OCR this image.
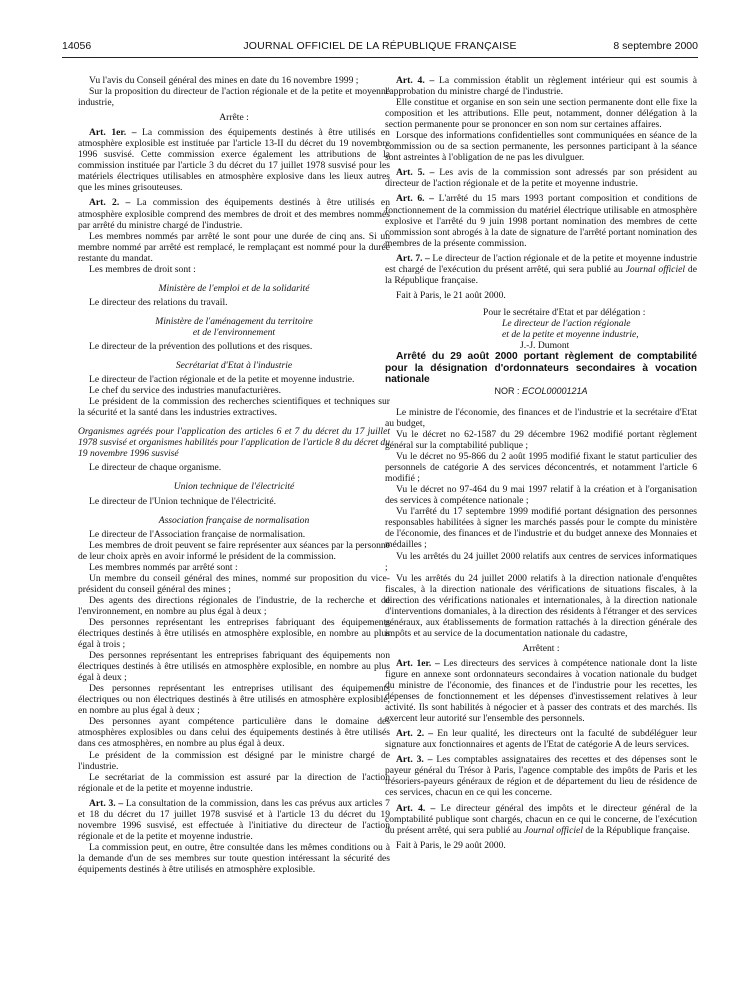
14056	JOURNAL OFFICIEL DE LA RÉPUBLIQUE FRANÇAISE	8 septembre 2000

Vu l'avis du Conseil général des mines en date du 16 novembre 1999 ;

Sur la proposition du directeur de l'action régionale et de la petite et moyenne industrie,

Arrête :

Art. 1er. – La commission des équipements destinés à être utilisés en atmosphère explosible est instituée par l'article 13-II du décret du 19 novembre 1996 susvisé. Cette commission exerce également les attributions de la commission instituée par l'article 3 du décret du 17 juillet 1978 susvisé pour les matériels électriques utilisables en atmosphère explosive dans les lieux autres que les mines grisouteuses.

Art. 2. – La commission des équipements destinés à être utilisés en atmosphère explosible comprend des membres de droit et des membres nommés par arrêté du ministre chargé de l'industrie.

Les membres nommés par arrêté le sont pour une durée de cinq ans. Si un membre nommé par arrêté est remplacé, le remplaçant est nommé pour la durée restante du mandat.

Les membres de droit sont :

Ministère de l'emploi et de la solidarité

Le directeur des relations du travail.

Ministère de l'aménagement du territoire

et de l'environnement

Le directeur de la prévention des pollutions et des risques.

Secrétariat d'Etat à l'industrie

Le directeur de l'action régionale et de la petite et moyenne industrie.

Le chef du service des industries manufacturières.

Le président de la commission des recherches scientifiques et techniques sur la sécurité et la santé dans les industries extractives.

Organismes agréés pour l'application des articles 6 et 7 du décret du 17 juillet 1978 susvisé et organismes habilités pour l'application de l'article 8 du décret du 19 novembre 1996 susvisé

Le directeur de chaque organisme.

Union technique de l'électricité

Le directeur de l'Union technique de l'électricité.

Association française de normalisation

Le directeur de l'Association française de normalisation.

Les membres de droit peuvent se faire représenter aux séances par la personne de leur choix après en avoir informé le président de la commission.

Les membres nommés par arrêté sont :

Un membre du conseil général des mines, nommé sur proposition du vice-président du conseil général des mines ;

Des agents des directions régionales de l'industrie, de la recherche et de l'environnement, en nombre au plus égal à deux ;

Des personnes représentant les entreprises fabriquant des équipements électriques destinés à être utilisés en atmosphère explosible, en nombre au plus égal à trois ;

Des personnes représentant les entreprises fabriquant des équipements non électriques destinés à être utilisés en atmosphère explosible, en nombre au plus égal à deux ;

Des personnes représentant les entreprises utilisant des équipements électriques ou non électriques destinés à être utilisés en atmosphère explosible, en nombre au plus égal à deux ;

Des personnes ayant compétence particulière dans le domaine des atmosphères explosibles ou dans celui des équipements destinés à être utilisés dans ces atmosphères, en nombre au plus égal à deux.

Le président de la commission est désigné par le ministre chargé de l'industrie.

Le secrétariat de la commission est assuré par la direction de l'action régionale et de la petite et moyenne industrie.

Art. 3. – La consultation de la commission, dans les cas prévus aux articles 7 et 18 du décret du 17 juillet 1978 susvisé et à l'article 13 du décret du 19 novembre 1996 susvisé, est effectuée à l'initiative du directeur de l'action régionale et de la petite et moyenne industrie.

La commission peut, en outre, être consultée dans les mêmes conditions ou à la demande d'un de ses membres sur toute question intéressant la sécurité des équipements destinés à être utilisés en atmosphère explosible.

Art. 4. – La commission établit un règlement intérieur qui est soumis à l'approbation du ministre chargé de l'industrie.

Elle constitue et organise en son sein une section permanente dont elle fixe la composition et les attributions. Elle peut, notamment, donner délégation à la section permanente pour se prononcer en son nom sur certaines affaires.

Lorsque des informations confidentielles sont communiquées en séance de la commission ou de sa section permanente, les personnes participant à la séance sont astreintes à l'obligation de ne pas les divulguer.

Art. 5. – Les avis de la commission sont adressés par son président au directeur de l'action régionale et de la petite et moyenne industrie.

Art. 6. – L'arrêté du 15 mars 1993 portant composition et conditions de fonctionnement de la commission du matériel électrique utilisable en atmosphère explosive et l'arrêté du 9 juin 1998 portant nomination des membres de cette commission sont abrogés à la date de signature de l'arrêté portant nomination des membres de la présente commission.

Art. 7. – Le directeur de l'action régionale et de la petite et moyenne industrie est chargé de l'exécution du présent arrêté, qui sera publié au Journal officiel de la République française.

Fait à Paris, le 21 août 2000.

Pour le secrétaire d'Etat et par délégation :

Le directeur de l'action régionale

et de la petite et moyenne industrie,

J.-J. Dumont

Arrêté du 29 août 2000 portant règlement de comptabilité pour la désignation d'ordonnateurs secondaires à vocation nationale

NOR : ECOL0000121A

Le ministre de l'économie, des finances et de l'industrie et la secrétaire d'Etat au budget,

Vu le décret no 62-1587 du 29 décembre 1962 modifié portant règlement général sur la comptabilité publique ;

Vu le décret no 95-866 du 2 août 1995 modifié fixant le statut particulier des personnels de catégorie A des services déconcentrés, et notamment l'article 6 modifié ;

Vu le décret no 97-464 du 9 mai 1997 relatif à la création et à l'organisation des services à compétence nationale ;

Vu l'arrêté du 17 septembre 1999 modifié portant désignation des personnes responsables habilitées à signer les marchés passés pour le compte du ministère de l'économie, des finances et de l'industrie et du budget annexe des Monnaies et médailles ;

Vu les arrêtés du 24 juillet 2000 relatifs aux centres de services informatiques ;

Vu les arrêtés du 24 juillet 2000 relatifs à la direction nationale d'enquêtes fiscales, à la direction nationale des vérifications de situations fiscales, à la direction des vérifications nationales et internationales, à la direction nationale d'interventions domaniales, à la direction des résidents à l'étranger et des services généraux, aux établissements de formation rattachés à la direction générale des impôts et au service de la documentation nationale du cadastre,

Arrêtent :

Art. 1er. – Les directeurs des services à compétence nationale dont la liste figure en annexe sont ordonnateurs secondaires à vocation nationale du budget du ministre de l'économie, des finances et de l'industrie pour les recettes, les dépenses de fonctionnement et les dépenses d'investissement relatives à leur activité. Ils sont habilités à négocier et à passer des contrats et des marchés. Ils exercent leur autorité sur l'ensemble des personnels.

Art. 2. – En leur qualité, les directeurs ont la faculté de subdéléguer leur signature aux fonctionnaires et agents de l'Etat de catégorie A de leurs services.

Art. 3. – Les comptables assignataires des recettes et des dépenses sont le payeur général du Trésor à Paris, l'agence comptable des impôts de Paris et les trésoriers-payeurs généraux de région et de département du lieu de résidence de ces services, chacun en ce qui les concerne.

Art. 4. – Le directeur général des impôts et le directeur général de la comptabilité publique sont chargés, chacun en ce qui le concerne, de l'exécution du présent arrêté, qui sera publié au Journal officiel de la République française.

Fait à Paris, le 29 août 2000.
